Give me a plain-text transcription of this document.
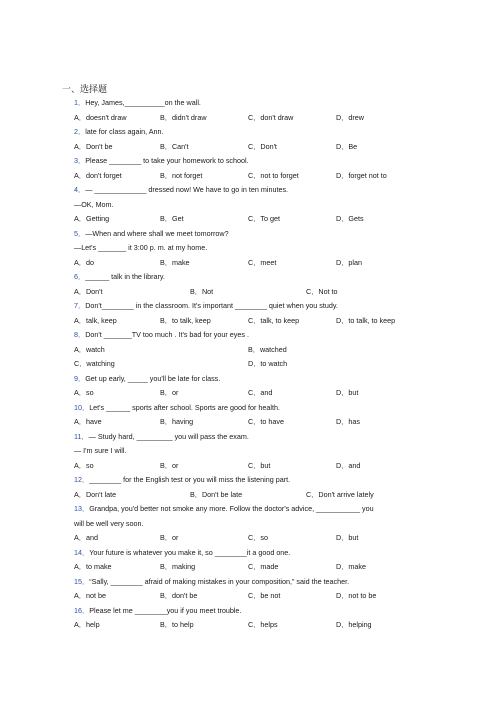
一、选择题
1．Hey, James,__________on the wall.
A．doesn't draw	B．didn't draw	C．don't draw	D．drew
2．late for class again, Ann.
A．Don't be	B．Can't	C．Don't	D．Be
3．Please ________ to take your homework to school.
A．don't forget	B．not forget	C．not to forget	D．forget not to
4．— _____________ dressed now! We have to go in ten minutes.
—OK, Mom.
A．Getting	B．Get	C．To get	D．Gets
5．—When and where shall we meet tomorrow?
—Let's _______ it 3:00 p. m. at my home.
A．do	B．make	C．meet	D．plan
6．______ talk in the library.
A．Don't	B．Not	C．Not to
7．Don't________ in the classroom. It's important ________ quiet when you study.
A．talk, keep	B．to talk, keep	C．talk, to keep	D．to talk, to keep
8．Don't _______TV too much . It's bad for your eyes .
A．watch	B．watched
C．watching	D．to watch
9．Get up early, _____ you'll be late for class.
A．so	B．or	C．and	D．but
10．Let's ______ sports after school. Sports are good for health.
A．have	B．having	C．to have	D．has
11．— Study hard, _________ you will pass the exam.
— I'm sure I will.
A．so	B．or	C．but	D．and
12．________ for the English test or you will miss the listening part.
A．Don't late	B．Don't be late	C．Don't arrive lately
13．Grandpa, you'd better not smoke any more. Follow the doctor's advice, ___________ you
will be well very soon.
A．and	B．or	C．so	D．but
14．Your future is whatever you make it, so ________it a good one.
A．to make	B．making	C．made	D．make
15．“Sally, ________ afraid of making mistakes in your composition,” said the teacher.
A．not be	B．don't be	C．be not	D．not to be
16．Please let me ________you if you meet trouble.
A．help	B．to help	C．helps	D．helping
